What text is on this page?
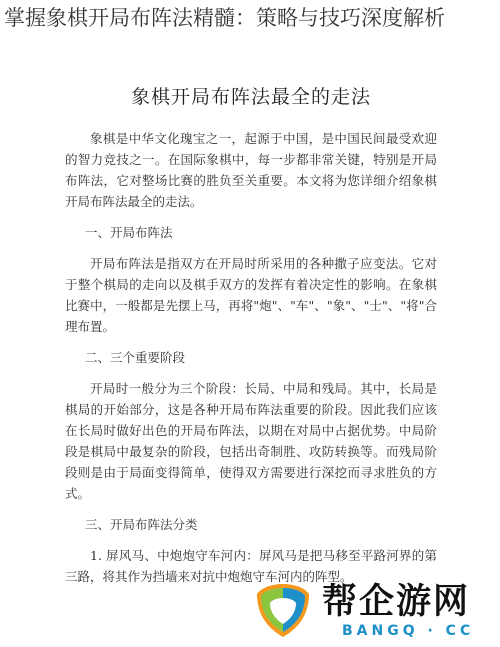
掌握象棋开局布阵法精髓：策略与技巧深度解析
象棋开局布阵法最全的走法

象棋是中华文化瑰宝之一，起源于中国，是中国民间最受欢迎的智力竞技之一。在国际象棋中，每一步都非常关键，特别是开局布阵法，它对整场比赛的胜负至关重要。本文将为您详细介绍象棋开局布阵法最全的走法。

一、开局布阵法

开局布阵法是指双方在开局时所采用的各种撒子应变法。它对于整个棋局的走向以及棋手双方的发挥有着决定性的影响。在象棋比赛中，一般都是先摆上马，再将"炮"、"车"、"象"、"士"、"将"合理布置。

二、三个重要阶段

开局时一般分为三个阶段：长局、中局和残局。其中，长局是棋局的开始部分，这是各种开局布阵法重要的阶段。因此我们应该在长局时做好出色的开局布阵法，以期在对局中占据优势。中局阶段是棋局中最复杂的阶段，包括出奇制胜、攻防转换等。而残局阶段则是由于局面变得简单，使得双方需要进行深挖而寻求胜负的方式。

三、开局布阵法分类

1. 屏风马、中炮炮守车河内：屏风马是把马移至平路河界的第三路，将其作为挡墙来对抗中炮炮守车河内的阵型。

帮企游网
BANGQ · CC
